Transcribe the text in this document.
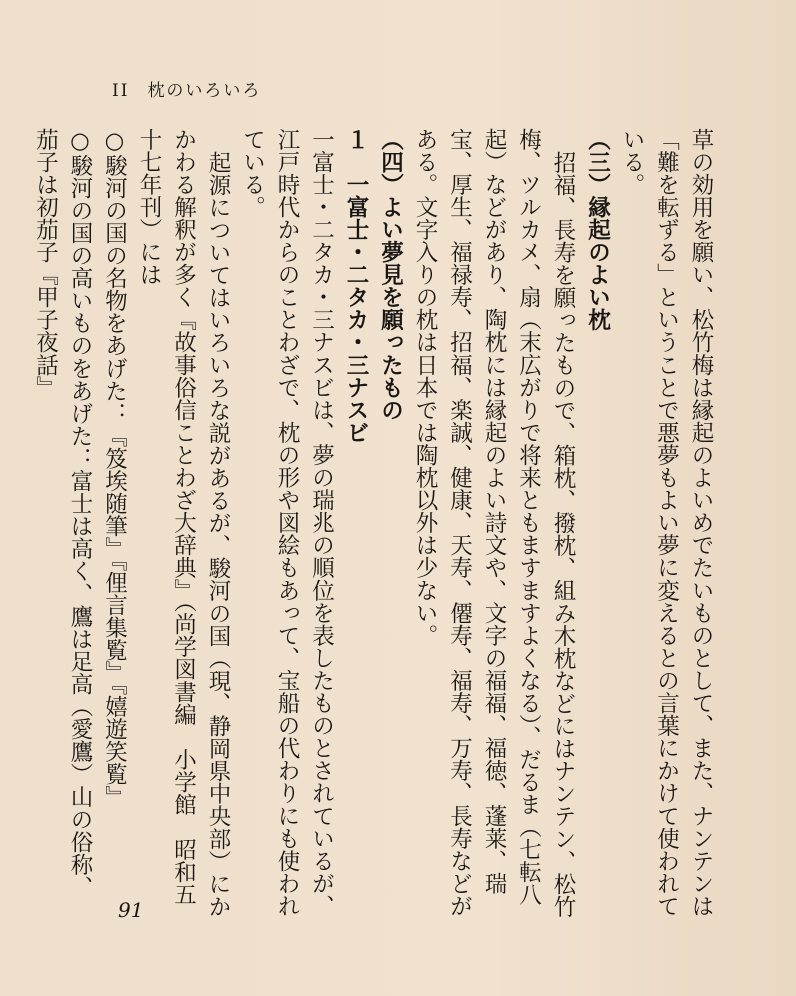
II 枕のいろいろ

草の効用を願い、松竹梅は縁起のよいめでたいものとして、また、ナンテンは「難を転ずる」ということで悪夢もよい夢に変えるとの言葉にかけて使われている。

（三）縁起のよい枕

招福、長寿を願ったもので、箱枕、撥枕、組み木枕などにはナンテン、松竹梅、ツルカメ、扇（末広がりで将来ともますますよくなる）、だるま（七転八起）などがあり、陶枕には縁起のよい詩文や、文字の福福、福徳、蓬莱、瑞宝、厚生、福禄寿、招福、楽誠、健康、天寿、僊寿、福寿、万寿、長寿などがある。文字入りの枕は日本では陶枕以外は少ない。

（四）よい夢見を願ったもの

１　一富士・二タカ・三ナスビ

一富士・二タカ・三ナスビは、夢の瑞兆の順位を表したものとされているが、江戸時代からのことわざで、枕の形や図絵もあって、宝船の代わりにも使われている。

起源についてはいろいろな説があるが、駿河の国（現、静岡県中央部）にかかわる解釈が多く『故事俗信ことわざ大辞典』（尚学図書編　小学館　昭和五十七年刊）には

○駿河の国の名物をあげた：『笈埃随筆』『俚言集覧』『嬉遊笑覧』

○駿河の国の高いものをあげた：富士は高く、鷹は足高（愛鷹）山の俗称、茄子は初茄子『甲子夜話』

91
